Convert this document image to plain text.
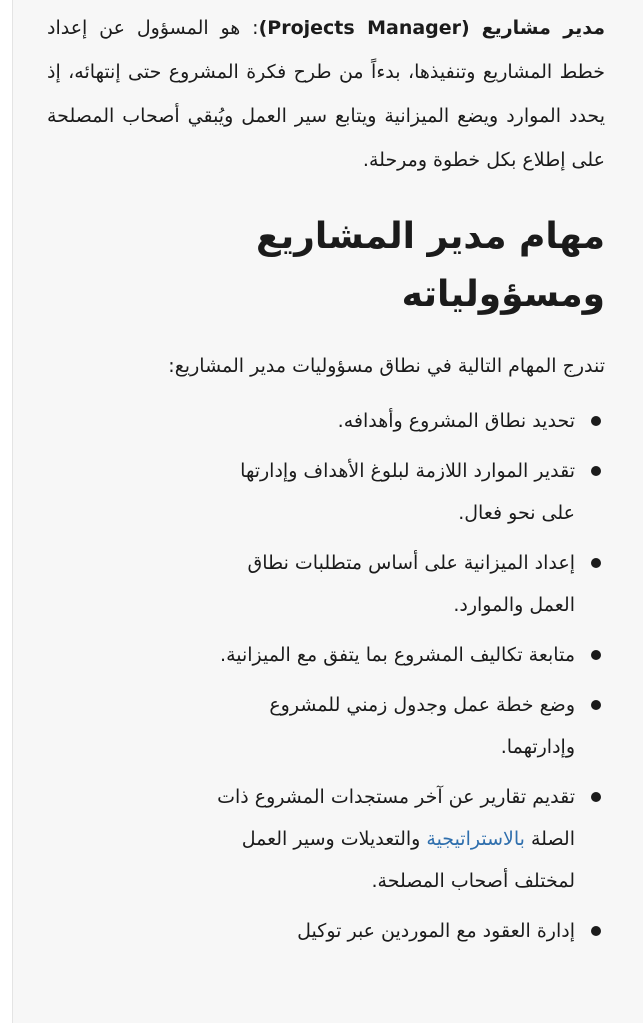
مدير مشاريع (Projects Manager): هو المسؤول عن إعداد خطط المشاريع وتنفيذها، بدءاً من طرح فكرة المشروع حتى إنتهائه، إذ يحدد الموارد ويضع الميزانية ويتابع سير العمل ويُبقي أصحاب المصلحة على إطلاع بكل خطوة ومرحلة.

مهام مدير المشاريع ومسؤولياته

تندرج المهام التالية في نطاق مسؤوليات مدير المشاريع:

تحديد نطاق المشروع وأهدافه.
تقدير الموارد اللازمة لبلوغ الأهداف وإدارتها على نحو فعال.
إعداد الميزانية على أساس متطلبات نطاق العمل والموارد.
متابعة تكاليف المشروع بما يتفق مع الميزانية.
وضع خطة عمل وجدول زمني للمشروع وإدارتهما.
تقديم تقارير عن آخر مستجدات المشروع ذات الصلة بالاستراتيجية والتعديلات وسير العمل لمختلف أصحاب المصلحة.
إدارة العقود مع الموردين عبر توكيل
